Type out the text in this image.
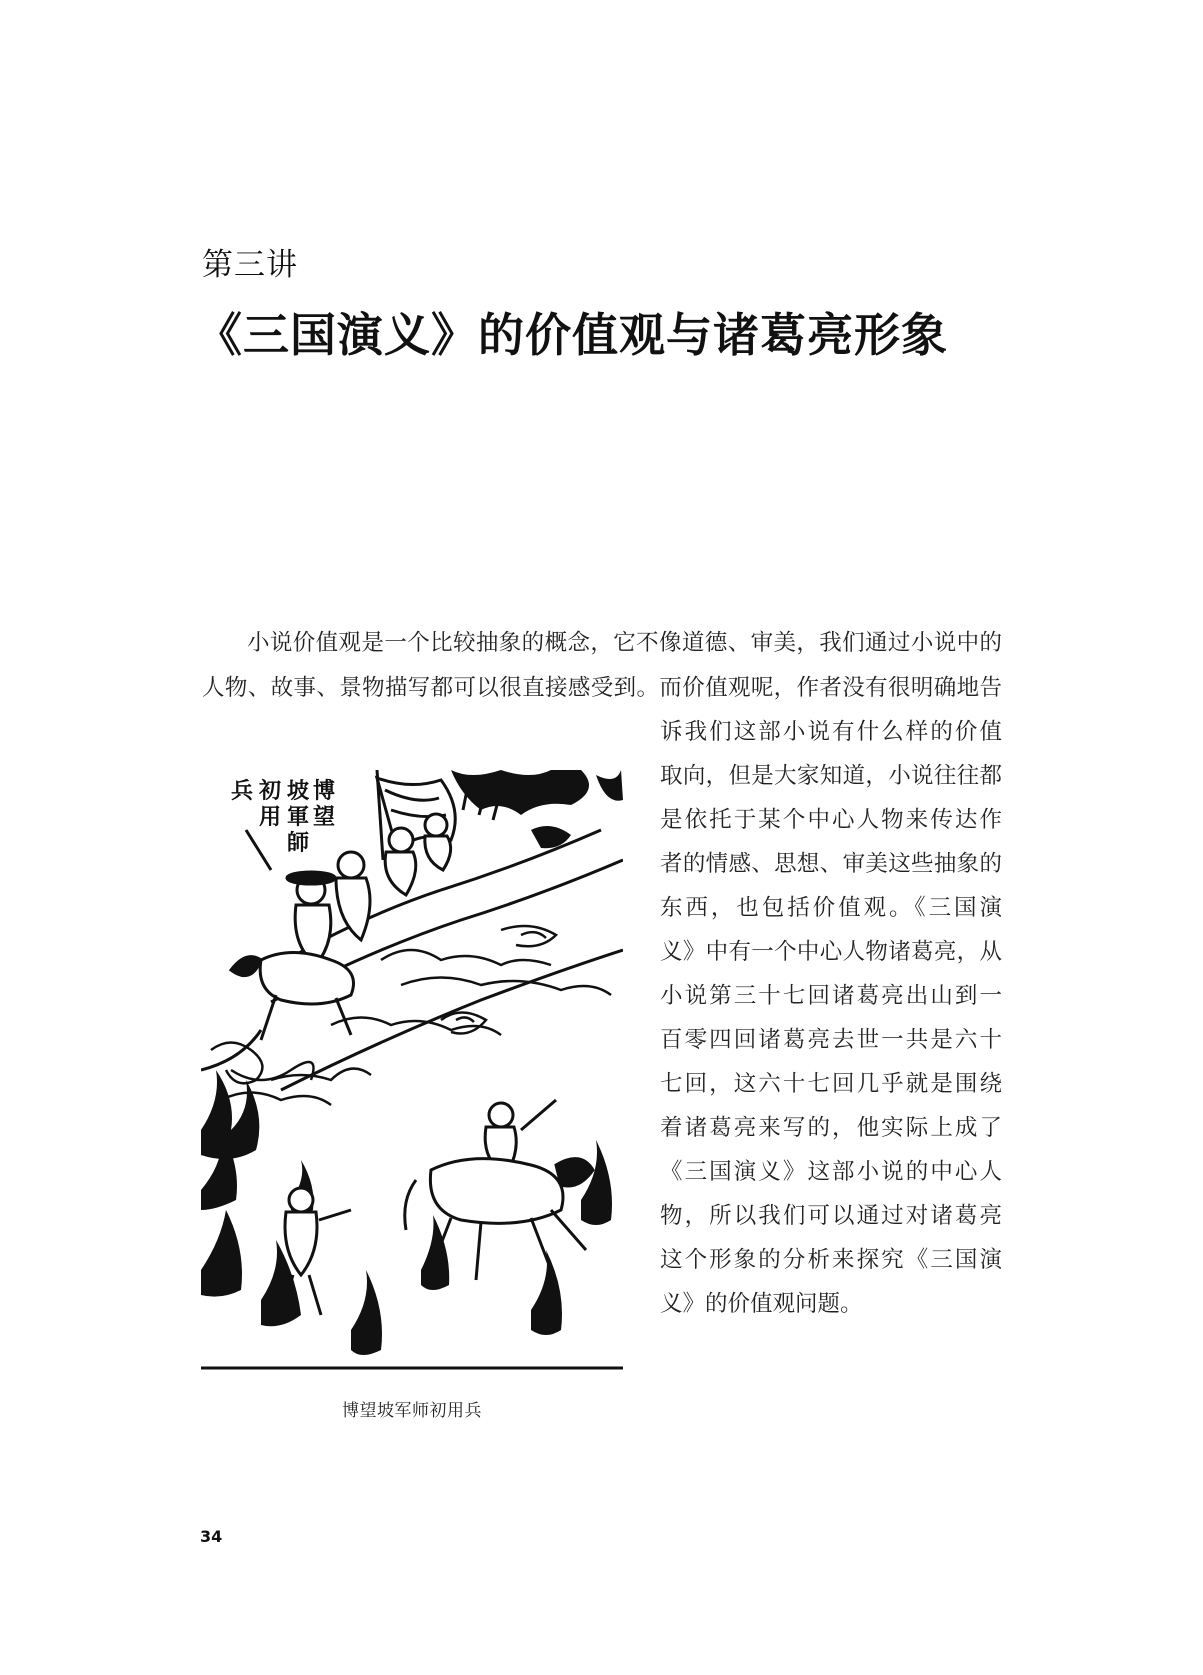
第三讲
《三国演义》的价值观与诸葛亮形象
小说价值观是一个比较抽象的概念，它不像道德、审美，我们通过小说中的
人物、故事、景物描写都可以很直接感受到。而价值观呢，作者没有很明确地告
诉我们这部小说有什么样的价值
取向，但是大家知道，小说往往都
是依托于某个中心人物来传达作
者的情感、思想、审美这些抽象的
东西，也包括价值观。《三国演
义》中有一个中心人物诸葛亮，从
小说第三十七回诸葛亮出山到一
百零四回诸葛亮去世一共是六十
七回，这六十七回几乎就是围绕
着诸葛亮来写的，他实际上成了
《三国演义》这部小说的中心人
物，所以我们可以通过对诸葛亮
这个形象的分析来探究《三国演
义》的价值观问题。
博
望
坡
軍
師
初
用
兵
博望坡军师初用兵
34
